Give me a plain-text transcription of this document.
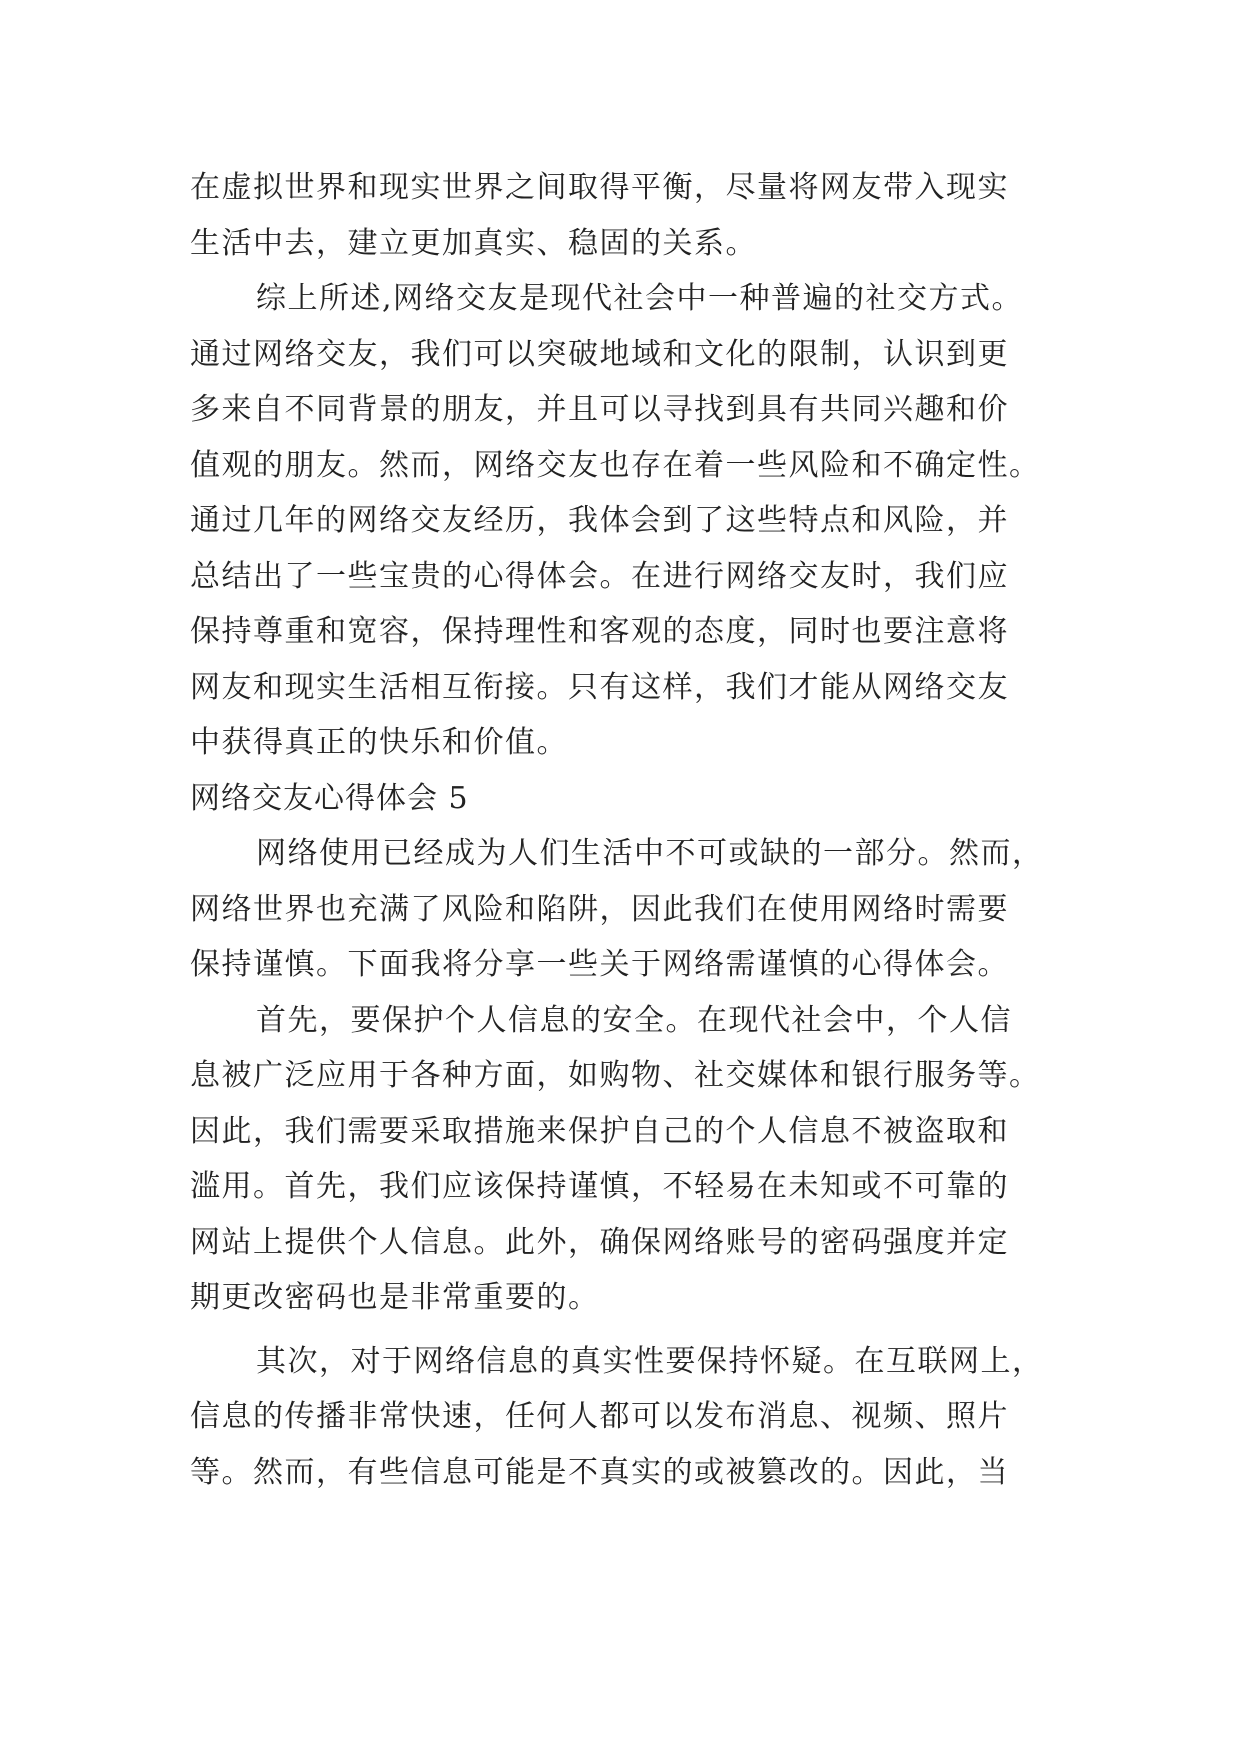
在虚拟世界和现实世界之间取得平衡，尽量将网友带入现实
生活中去，建立更加真实、稳固的关系。
综上所述,网络交友是现代社会中一种普遍的社交方式。
通过网络交友，我们可以突破地域和文化的限制，认识到更
多来自不同背景的朋友，并且可以寻找到具有共同兴趣和价
值观的朋友。然而，网络交友也存在着一些风险和不确定性。
通过几年的网络交友经历，我体会到了这些特点和风险，并
总结出了一些宝贵的心得体会。在进行网络交友时，我们应
保持尊重和宽容，保持理性和客观的态度，同时也要注意将
网友和现实生活相互衔接。只有这样，我们才能从网络交友
中获得真正的快乐和价值。
网络交友心得体会 5
网络使用已经成为人们生活中不可或缺的一部分。然而，
网络世界也充满了风险和陷阱，因此我们在使用网络时需要
保持谨慎。下面我将分享一些关于网络需谨慎的心得体会。
首先，要保护个人信息的安全。在现代社会中，个人信
息被广泛应用于各种方面，如购物、社交媒体和银行服务等。
因此，我们需要采取措施来保护自己的个人信息不被盗取和
滥用。首先，我们应该保持谨慎，不轻易在未知或不可靠的
网站上提供个人信息。此外，确保网络账号的密码强度并定
期更改密码也是非常重要的。
其次，对于网络信息的真实性要保持怀疑。在互联网上，
信息的传播非常快速，任何人都可以发布消息、视频、照片
等。然而，有些信息可能是不真实的或被篡改的。因此，当
